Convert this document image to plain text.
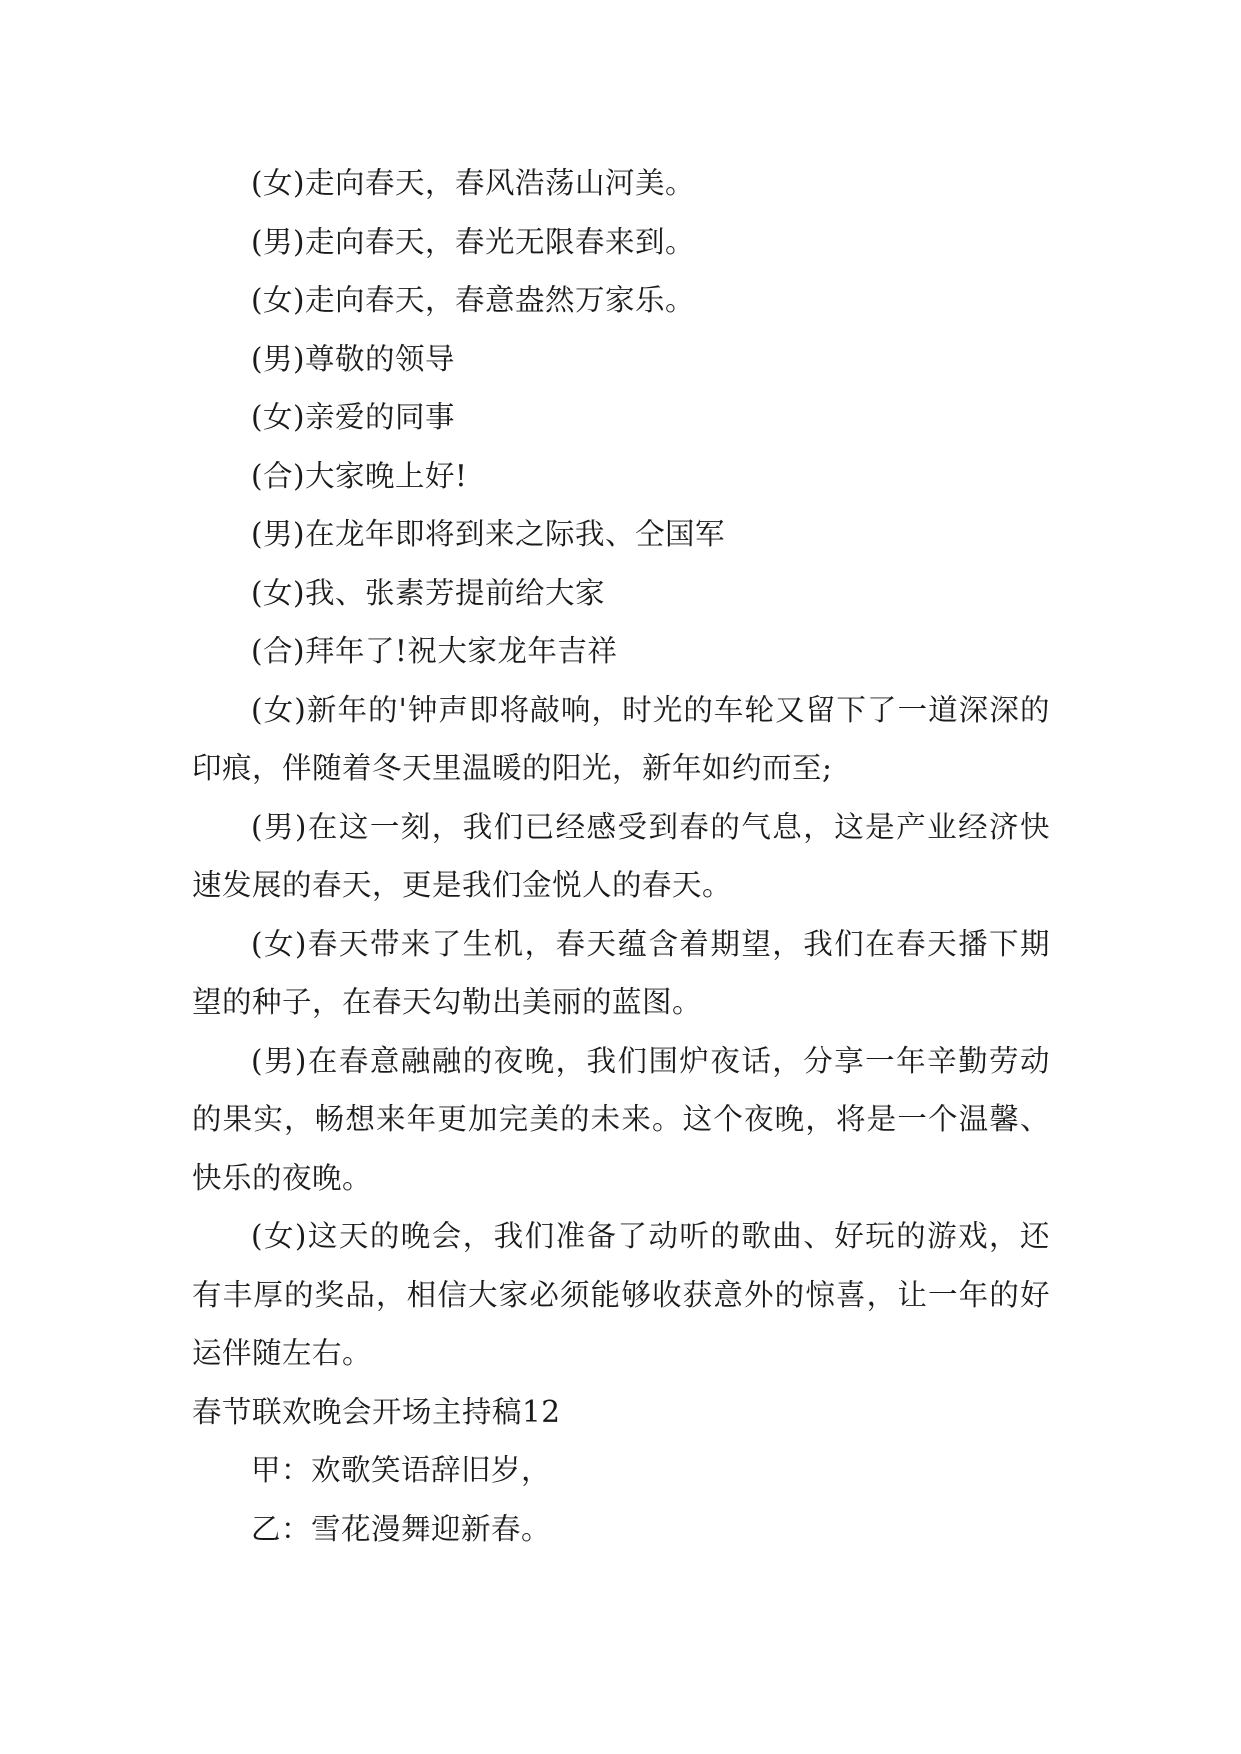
(女)走向春天，春风浩荡山河美。

(男)走向春天，春光无限春来到。

(女)走向春天，春意盎然万家乐。

(男)尊敬的领导

(女)亲爱的同事

(合)大家晚上好!

(男)在龙年即将到来之际我、仝国军

(女)我、张素芳提前给大家

(合)拜年了!祝大家龙年吉祥

(女)新年的'钟声即将敲响，时光的车轮又留下了一道深深的印痕，伴随着冬天里温暖的阳光，新年如约而至;

(男)在这一刻，我们已经感受到春的气息，这是产业经济快速发展的春天，更是我们金悦人的春天。

(女)春天带来了生机，春天蕴含着期望，我们在春天播下期望的种子，在春天勾勒出美丽的蓝图。

(男)在春意融融的夜晚，我们围炉夜话，分享一年辛勤劳动的果实，畅想来年更加完美的未来。这个夜晚，将是一个温馨、快乐的夜晚。

(女)这天的晚会，我们准备了动听的歌曲、好玩的游戏，还有丰厚的奖品，相信大家必须能够收获意外的惊喜，让一年的好运伴随左右。

春节联欢晚会开场主持稿12

甲：欢歌笑语辞旧岁，

乙：雪花漫舞迎新春。
